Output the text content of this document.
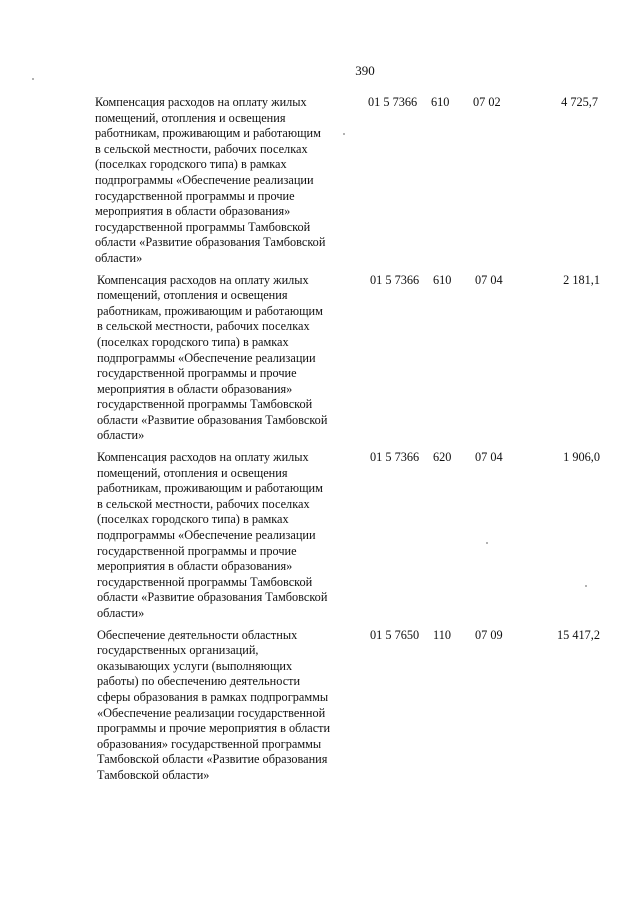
390
Компенсация расходов на оплату жилых
помещений, отопления и освещения
работникам, проживающим и работающим
в сельской местности, рабочих поселках
(поселках городского типа) в рамках
подпрограммы «Обеспечение реализации
государственной программы и прочие
мероприятия в области образования»
государственной программы Тамбовской
области «Развитие образования Тамбовской
области»
01 5 7366 610 07 02	4 725,7
Компенсация расходов на оплату жилых
помещений, отопления и освещения
работникам, проживающим и работающим
в сельской местности, рабочих поселках
(поселках городского типа) в рамках
подпрограммы «Обеспечение реализации
государственной программы и прочие
мероприятия в области образования»
государственной программы Тамбовской
области «Развитие образования Тамбовской
области»
01 5 7366 610 07 04	2 181,1
Компенсация расходов на оплату жилых
помещений, отопления и освещения
работникам, проживающим и работающим
в сельской местности, рабочих поселках
(поселках городского типа) в рамках
подпрограммы «Обеспечение реализации
государственной программы и прочие
мероприятия в области образования»
государственной программы Тамбовской
области «Развитие образования Тамбовской
области»
01 5 7366 620 07 04	1 906,0
Обеспечение деятельности областных
государственных организаций,
оказывающих услуги (выполняющих
работы) по обеспечению деятельности
сферы образования в рамках подпрограммы
«Обеспечение реализации государственной
программы и прочие мероприятия в области
образования» государственной программы
Тамбовской области «Развитие образования
Тамбовской области»
01 5 7650 110 07 09	15 417,2
